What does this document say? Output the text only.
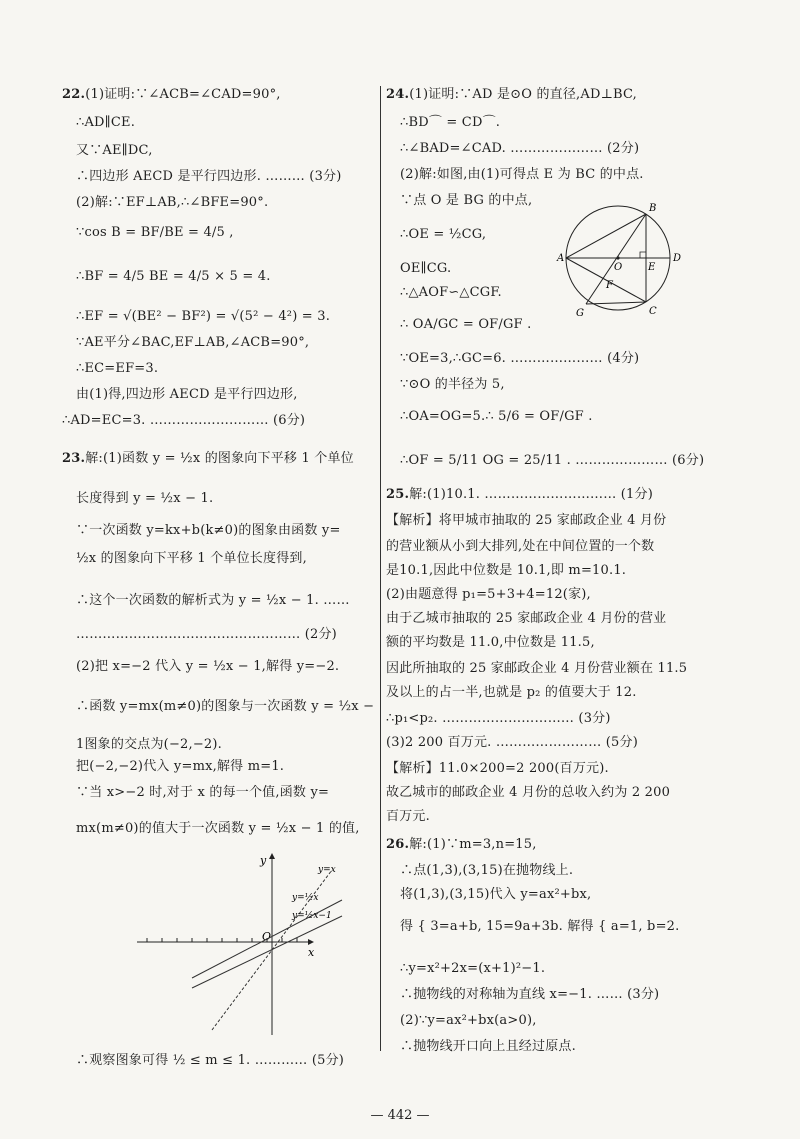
22.(1)证明:∵∠ACB=∠CAD=90°,
∴AD∥CE.
又∵AE∥DC,
∴四边形 AECD 是平行四边形. ……… (3分)
(2)解:∵EF⊥AB,∴∠BFE=90°.
∵cos B = BF/BE = 4/5 ,
∴BF = 4/5 BE = 4/5 × 5 = 4.
∴EF = √(BE² − BF²) = √(5² − 4²) = 3.
∵AE平分∠BAC,EF⊥AB,∠ACB=90°,
∴EC=EF=3.
由(1)得,四边形 AECD 是平行四边形,
∴AD=EC=3. ……………………… (6分)
23.解:(1)函数 y = ½x 的图象向下平移 1 个单位
长度得到 y = ½x − 1.
∵一次函数 y=kx+b(k≠0)的图象由函数 y=
½x 的图象向下平移 1 个单位长度得到,
∴这个一次函数的解析式为 y = ½x − 1. ……
…………………………………………… (2分)
(2)把 x=−2 代入 y = ½x − 1,解得 y=−2.
∴函数 y=mx(m≠0)的图象与一次函数 y = ½x −
1图象的交点为(−2,−2).
把(−2,−2)代入 y=mx,解得 m=1.
∵当 x>−2 时,对于 x 的每一个值,函数 y=
mx(m≠0)的值大于一次函数 y = ½x − 1 的值,
y
x
O
y=x
y=½x
y=½x−1
∴观察图象可得 ½ ≤ m ≤ 1. ………… (5分)
24.(1)证明:∵AD 是⊙O 的直径,AD⊥BC,
∴BD⌒ = CD⌒.
∴∠BAD=∠CAD. ………………… (2分)
(2)解:如图,由(1)可得点 E 为 BC 的中点.
∵点 O 是 BG 的中点,
∴OE = ½CG,
OE∥CG.
∴△AOF∽△CGF.
∴ OA/GC = OF/GF .
∵OE=3,∴GC=6. ………………… (4分)
∵⊙O 的半径为 5,
∴OA=OG=5.∴ 5/6 = OF/GF .
∴OF = 5/11 OG = 25/11 . ………………… (6分)
A
B
C
D
E
F
G
O
25.解:(1)10.1. ………………………… (1分)
【解析】将甲城市抽取的 25 家邮政企业 4 月份
的营业额从小到大排列,处在中间位置的一个数
是10.1,因此中位数是 10.1,即 m=10.1.
(2)由题意得 p₁=5+3+4=12(家),
由于乙城市抽取的 25 家邮政企业 4 月份的营业
额的平均数是 11.0,中位数是 11.5,
因此所抽取的 25 家邮政企业 4 月份营业额在 11.5
及以上的占一半,也就是 p₂ 的值要大于 12.
∴p₁<p₂. ………………………… (3分)
(3)2 200 百万元. …………………… (5分)
【解析】11.0×200=2 200(百万元).
故乙城市的邮政企业 4 月份的总收入约为 2 200
百万元.
26.解:(1)∵m=3,n=15,
∴点(1,3),(3,15)在抛物线上.
将(1,3),(3,15)代入 y=ax²+bx,
得 { 3=a+b, 15=9a+3b. 解得 { a=1, b=2.
∴y=x²+2x=(x+1)²−1.
∴抛物线的对称轴为直线 x=−1. …… (3分)
(2)∵y=ax²+bx(a>0),
∴抛物线开口向上且经过原点.
— 442 —
